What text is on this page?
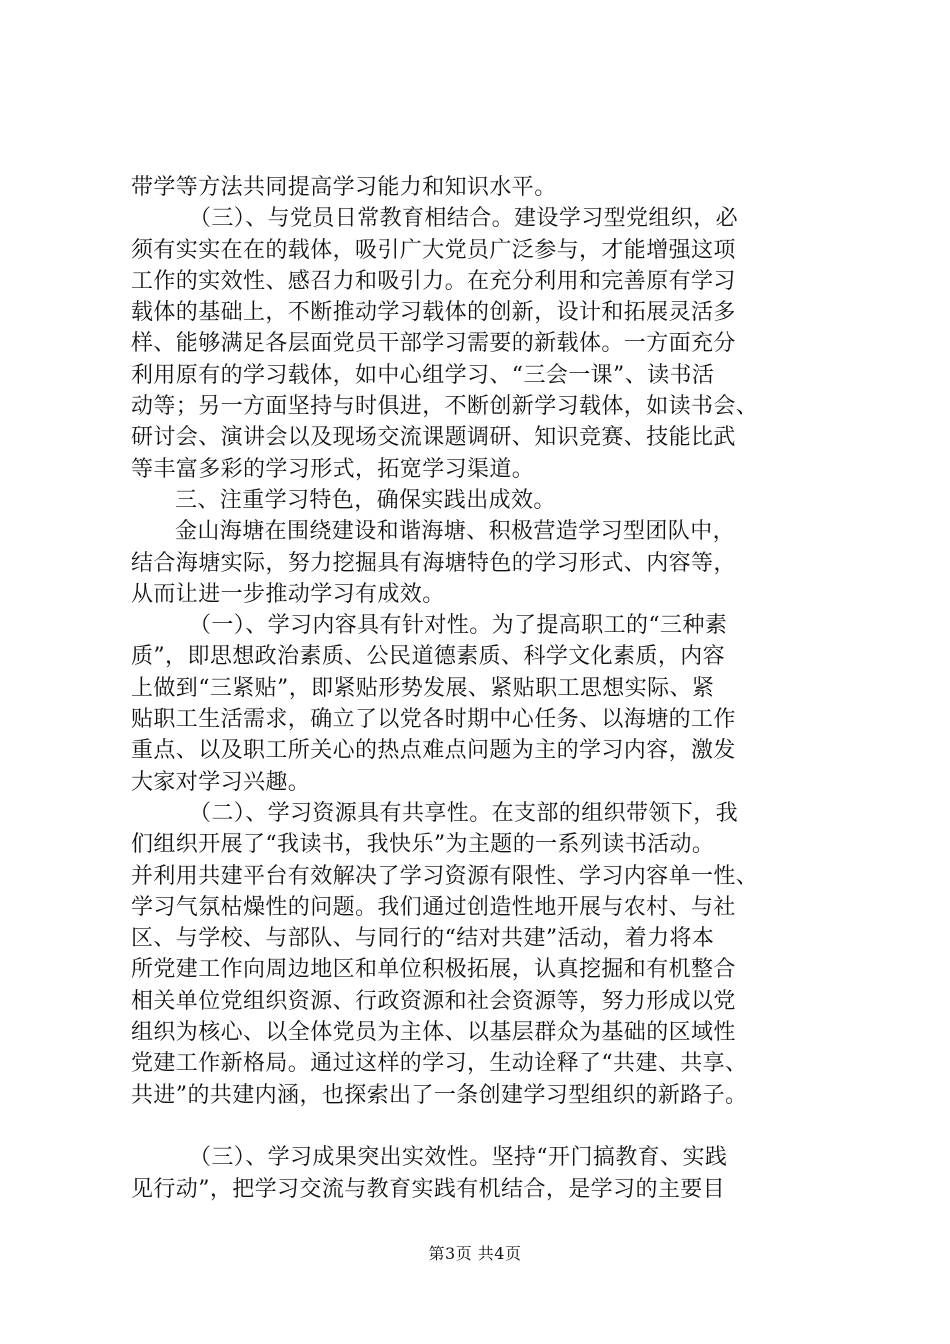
带学等方法共同提高学习能力和知识水平。
（三）、与党员日常教育相结合。建设学习型党组织，必
须有实实在在的载体，吸引广大党员广泛参与，才能增强这项
工作的实效性、感召力和吸引力。在充分利用和完善原有学习
载体的基础上，不断推动学习载体的创新，设计和拓展灵活多
样、能够满足各层面党员干部学习需要的新载体。一方面充分
利用原有的学习载体，如中心组学习、“三会一课”、读书活
动等；另一方面坚持与时俱进，不断创新学习载体，如读书会、
研讨会、演讲会以及现场交流课题调研、知识竞赛、技能比武
等丰富多彩的学习形式，拓宽学习渠道。
三、注重学习特色，确保实践出成效。
金山海塘在围绕建设和谐海塘、积极营造学习型团队中，
结合海塘实际，努力挖掘具有海塘特色的学习形式、内容等，
从而让进一步推动学习有成效。
（一）、学习内容具有针对性。为了提高职工的“三种素
质”，即思想政治素质、公民道德素质、科学文化素质，内容
上做到“三紧贴”，即紧贴形势发展、紧贴职工思想实际、紧
贴职工生活需求，确立了以党各时期中心任务、以海塘的工作
重点、以及职工所关心的热点难点问题为主的学习内容，激发
大家对学习兴趣。
（二）、学习资源具有共享性。在支部的组织带领下，我
们组织开展了“我读书，我快乐”为主题的一系列读书活动。
并利用共建平台有效解决了学习资源有限性、学习内容单一性、
学习气氛枯燥性的问题。我们通过创造性地开展与农村、与社
区、与学校、与部队、与同行的“结对共建”活动，着力将本
所党建工作向周边地区和单位积极拓展，认真挖掘和有机整合
相关单位党组织资源、行政资源和社会资源等，努力形成以党
组织为核心、以全体党员为主体、以基层群众为基础的区域性
党建工作新格局。通过这样的学习，生动诠释了“共建、共享、
共进”的共建内涵，也探索出了一条创建学习型组织的新路子。
（三）、学习成果突出实效性。坚持“开门搞教育、实践
见行动”，把学习交流与教育实践有机结合，是学习的主要目
第3页 共4页
